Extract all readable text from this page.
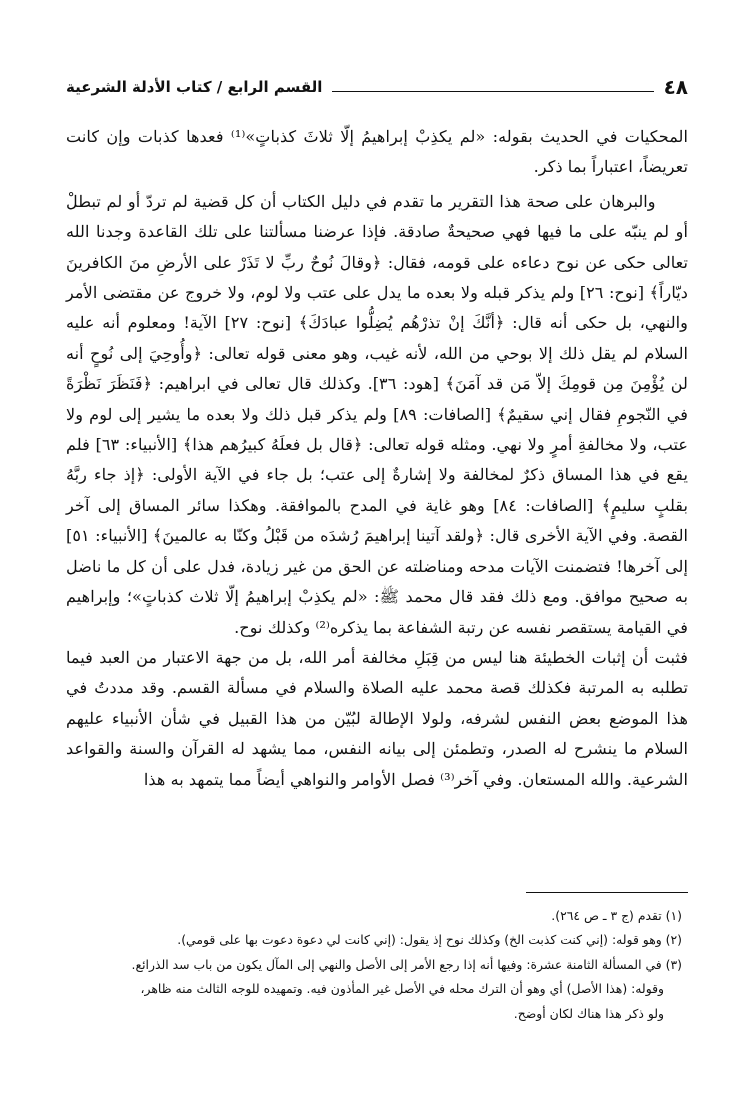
٤٨
القسم الرابع / كتاب الأدلة الشرعية

المحكيات في الحديث بقوله: «لم يكذِبْ إبراهيمُ إلّا ثلاثَ كذباتٍ»⁽¹⁾ فعدها كذبات وإن كانت تعريضاً، اعتباراً بما ذكر.

والبرهان على صحة هذا التقرير ما تقدم في دليل الكتاب أن كل قضية لم تردّ أو لم تبطلْ أو لم ينبّه على ما فيها فهي صحيحةٌ صادقة. فإذا عرضنا مسألتنا على تلك القاعدة وجدنا الله تعالى حكى عن نوح دعاءه على قومه، فقال: ﴿وقالَ نُوحٌ ربِّ لا تَذَرْ على الأرضِ منَ الكافرينَ ديّاراً﴾ [نوح: ٢٦] ولم يذكر قبله ولا بعده ما يدل على عتب ولا لوم، ولا خروج عن مقتضى الأمر والنهي، بل حكى أنه قال: ﴿أنَّكَ إنْ تذرْهُم يُضِلُّوا عبادَكَ﴾ [نوح: ٢٧] الآية! ومعلوم أنه عليه السلام لم يقل ذلك إلا بوحي من الله، لأنه غيب، وهو معنى قوله تعالى: ﴿وأُوحِيَ إلى نُوحٍ أنه لن يُؤْمِنَ مِن قومِكَ إلاّ مَن قد آمَنَ﴾ [هود: ٣٦]. وكذلك قال تعالى في ابراهيم: ﴿فَنَظَرَ نَظْرَةً في النّجومِ فقال إني سقيمٌ﴾ [الصافات: ٨٩] ولم يذكر قبل ذلك ولا بعده ما يشير إلى لوم ولا عتب، ولا مخالفةِ أمرٍ ولا نهي. ومثله قوله تعالى: ﴿قال بل فعلَهُ كبيرُهم هذا﴾ [الأنبياء: ٦٣] فلم يقع في هذا المساق ذكرٌ لمخالفة ولا إشارةٌ إلى عتب؛ بل جاء في الآية الأولى: ﴿إذ جاء ربَّهُ بقلبٍ سليمٍ﴾ [الصافات: ٨٤] وهو غاية في المدح بالموافقة. وهكذا سائر المساق إلى آخر القصة. وفي الآية الأخرى قال: ﴿ولقد آتينا إبراهيمَ رُشدَه من قَبْلُ وكنّا به عالمينَ﴾ [الأنبياء: ٥١] إلى آخرها! فتضمنت الآيات مدحه ومناضلته عن الحق من غير زيادة، فدل على أن كل ما ناضل به صحيح موافق. ومع ذلك فقد قال محمد ﷺ: «لم يكذِبْ إبراهيمُ إلّا ثلاث كذباتٍ»؛ وإبراهيم في القيامة يستقصر نفسه عن رتبة الشفاعة بما يذكره⁽²⁾ وكذلك نوح.

فثبت أن إثبات الخطيئة هنا ليس من قِبَلِ مخالفة أمر الله، بل من جهة الاعتبار من العبد فيما تطلبه به المرتبة فكذلك قصة محمد عليه الصلاة والسلام في مسألة القسم. وقد مددتُ في هذا الموضع بعض النفس لشرفه، ولولا الإطالة لبُيّن من هذا القبيل في شأن الأنبياء عليهم السلام ما ينشرح له الصدر، وتطمئن إلى بيانه النفس، مما يشهد له القرآن والسنة والقواعد الشرعية. والله المستعان. وفي آخر⁽³⁾ فصل الأوامر والنواهي أيضاً مما يتمهد به هذا

(١) تقدم (ج ٣ ـ ص ٢٦٤).
(٢) وهو قوله: (إني كنت كذبت الخ) وكذلك نوح إذ يقول: (إني كانت لي دعوة دعوت بها على قومي).
(٣) في المسألة الثامنة عشرة: وفيها أنه إذا رجع الأمر إلى الأصل والنهي إلى المآل يكون من باب سد الذرائع.
وقوله: (هذا الأصل) أي وهو أن الترك محله في الأصل غير المأذون فيه. وتمهيده للوجه الثالث منه ظاهر،
ولو ذكر هذا هناك لكان أوضح.
